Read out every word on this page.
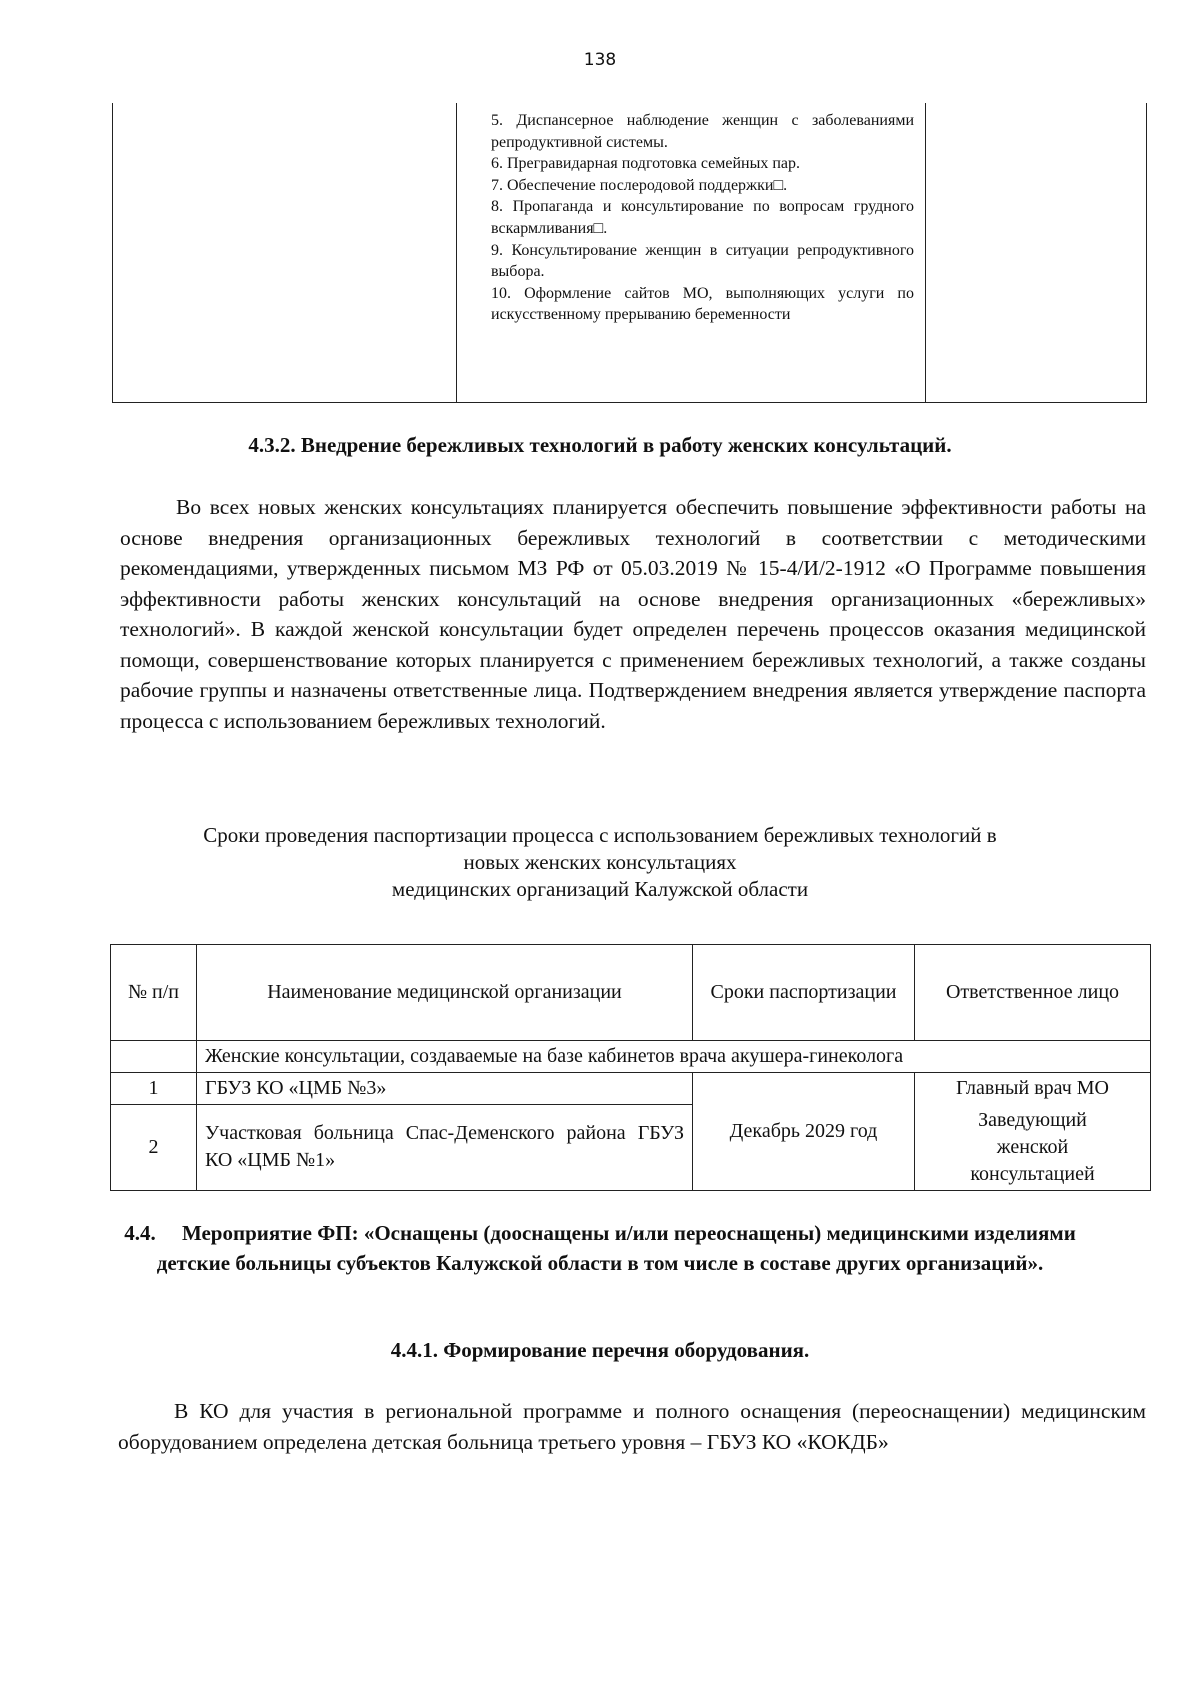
138
5. Диспансерное наблюдение женщин с заболеваниями репродуктивной системы.
6. Прегравидарная подготовка семейных пар.
7. Обеспечение послеродовой поддержки□.
8. Пропаганда и консультирование по вопросам грудного вскармливания□.
9. Консультирование женщин в ситуации репродуктивного выбора.
10. Оформление сайтов МО, выполняющих услуги по искусственному прерыванию беременности
4.3.2. Внедрение бережливых технологий в работу женских консультаций.

Во всех новых женских консультациях планируется обеспечить повышение эффективности работы на основе внедрения организационных бережливых технологий в соответствии с методическими рекомендациями, утвержденных письмом МЗ РФ от 05.03.2019 № 15-4/И/2-1912 «О Программе повышения эффективности работы женских консультаций на основе внедрения организационных «бережливых» технологий». В каждой женской консультации будет определен перечень процессов оказания медицинской помощи, совершенствование которых планируется с применением бережливых технологий, а также созданы рабочие группы и назначены ответственные лица. Подтверждением внедрения является утверждение паспорта процесса с использованием бережливых технологий.

Сроки проведения паспортизации процесса с использованием бережливых технологий в
новых женских консультациях
медицинских организаций Калужской области
№ п/п	Наименование медицинской организации	Сроки паспортизации	Ответственное лицо
	Женские консультации, создаваемые на базе кабинетов врача акушера-гинеколога		
1	ГБУЗ КО «ЦМБ №3»	Декабрь 2029 год	Главный врач МО
2	Участковая больница Спас-Деменского района ГБУЗ КО «ЦМБ №1»		Заведующий женской консультацией
4.4. Мероприятие ФП: «Оснащены (дооснащены и/или переоснащены) медицинскими изделиями детские больницы субъектов Калужской области в том числе в составе других организаций».
4.4.1. Формирование перечня оборудования.

В КО для участия в региональной программе и полного оснащения (переоснащении) медицинским оборудованием определена детская больница третьего уровня – ГБУЗ КО «КОКДБ»
